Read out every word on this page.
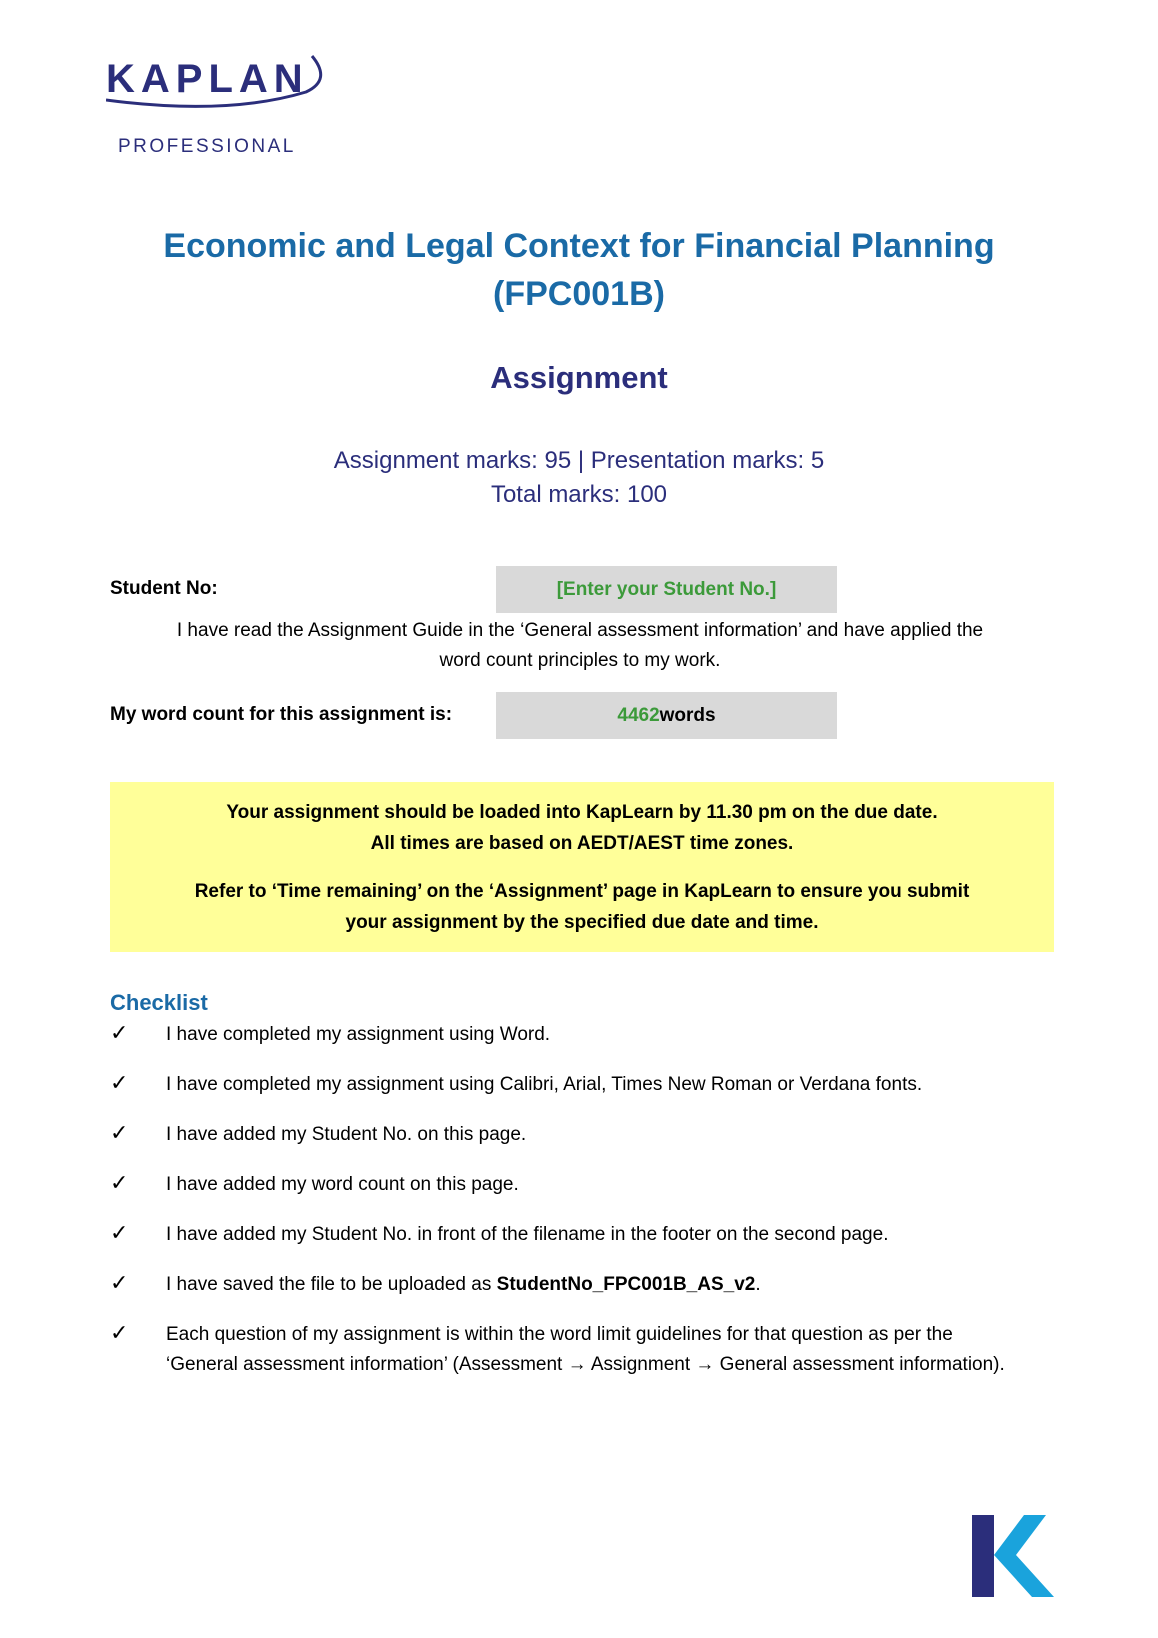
KAPLAN
PROFESSIONAL
Economic and Legal Context for Financial Planning
(FPC001B)
Assignment
Assignment marks: 95 | Presentation marks: 5
Total marks: 100
Student No:	[Enter your Student No.]
I have read the Assignment Guide in the ‘General assessment information’ and have applied the
word count principles to my work.
My word count for this assignment is:	4462 words

Your assignment should be loaded into KapLearn by 11.30 pm on the due date.

All times are based on AEDT/AEST time zones.

Refer to ‘Time remaining’ on the ‘Assignment’ page in KapLearn to ensure you submit

your assignment by the specified due date and time.

Checklist
✓	I have completed my assignment using Word.
✓	I have completed my assignment using Calibri, Arial, Times New Roman or Verdana fonts.
✓	I have added my Student No. on this page.
✓	I have added my word count on this page.
✓	I have added my Student No. in front of the filename in the footer on the second page.
✓	I have saved the file to be uploaded as StudentNo_FPC001B_AS_v2.
✓	Each question of my assignment is within the word limit guidelines for that question as per the
‘General assessment information’ (Assessment → Assignment → General assessment information).
